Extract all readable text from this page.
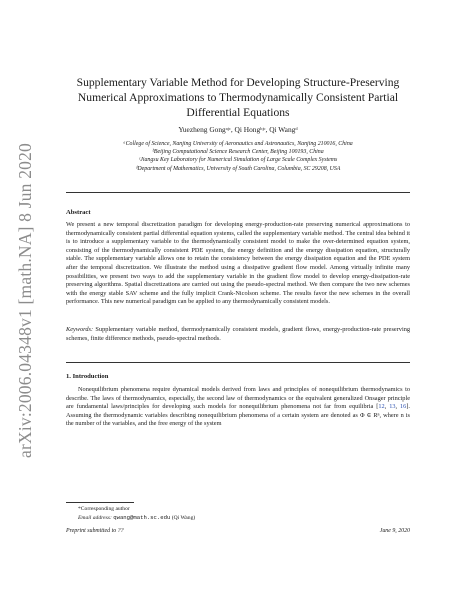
arXiv:2006.04348v1 [math.NA] 8 Jun 2020
Supplementary Variable Method for Developing Structure-Preserving Numerical Approximations to Thermodynamically Consistent Partial Differential Equations
Yuezheng Gongᵃʲᶜ, Qi Hongᵇʲᶜ, Qi Wangᵈ
ᵃCollege of Science, Nanjing University of Aeronautics and Astronautics, Nanjing 210016, China
ᵇBeijing Computational Science Research Center, Beijing 100193, China
ᶜJiangsu Key Laboratory for Numerical Simulation of Large Scale Complex Systems
ᵈDepartment of Mathematics, University of South Carolina, Columbia, SC 29208, USA
Abstract
We present a new temporal discretization paradigm for developing energy-production-rate preserving numerical approximations to thermodynamically consistent partial differential equation systems, called the supplementary variable method. The central idea behind it is to introduce a supplementary variable to the thermodynamically consistent model to make the over-determined equation system, consisting of the thermodynamically consistent PDE system, the energy definition and the energy dissipation equation, structurally stable. The supplementary variable allows one to retain the consistency between the energy dissipation equation and the PDE system after the temporal discretization. We illustrate the method using a dissipative gradient flow model. Among virtually infinite many possibilities, we present two ways to add the supplementary variable in the gradient flow model to develop energy-dissipation-rate preserving algorithms. Spatial discretizations are carried out using the pseudo-spectral method. We then compare the two new schemes with the energy stable SAV scheme and the fully implicit Crank-Nicolson scheme. The results favor the new schemes in the overall performance. This new numerical paradigm can be applied to any thermodynamically consistent models.
Keywords: Supplementary variable method, thermodynamically consistent models, gradient flows, energy-production-rate preserving schemes, finite difference methods, pseudo-spectral methods.
1. Introduction
Nonequilibrium phenomena require dynamical models derived from laws and principles of nonequilibrium thermodynamics to describe. The laws of thermodynamics, especially, the second law of thermodynamics or the equivalent generalized Onsager principle are fundamental laws/principles for developing such models for nonequilibrium phenomena not far from equilibria [12, 13, 16]. Assuming the thermodynamic variables describing nonequilibrium phenomena of a certain system are denoted as Φ ∈ Rⁿ, where n is the number of the variables, and the free energy of the system
*Corresponding author
Email address: qwang@math.sc.edu (Qi Wang)
Preprint submitted to ??	June 9, 2020
